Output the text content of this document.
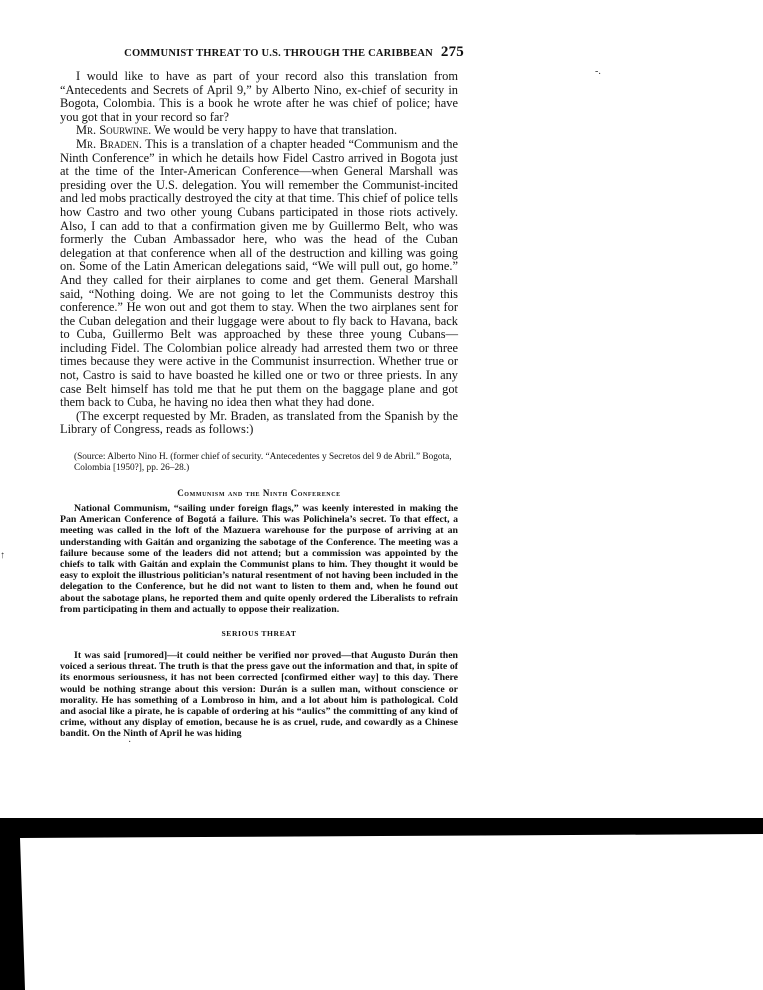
COMMUNIST THREAT TO U.S. THROUGH THE CARIBBEAN 275
-.
↑
·

I would like to have as part of your record also this translation from “Antecedents and Secrets of April 9,” by Alberto Nino, ex-chief of security in Bogota, Colombia. This is a book he wrote after he was chief of police; have you got that in your record so far?

Mr. Sourwine. We would be very happy to have that translation.

Mr. Braden. This is a translation of a chapter headed “Communism and the Ninth Conference” in which he details how Fidel Castro arrived in Bogota just at the time of the Inter-American Conference—when General Marshall was presiding over the U.S. delegation. You will remember the Communist-incited and led mobs practically destroyed the city at that time. This chief of police tells how Castro and two other young Cubans participated in those riots actively. Also, I can add to that a confirmation given me by Guillermo Belt, who was formerly the Cuban Ambassador here, who was the head of the Cuban delegation at that conference when all of the destruction and killing was going on. Some of the Latin American delegations said, “We will pull out, go home.” And they called for their airplanes to come and get them. General Marshall said, “Nothing doing. We are not going to let the Communists destroy this conference.” He won out and got them to stay. When the two airplanes sent for the Cuban delegation and their luggage were about to fly back to Havana, back to Cuba, Guillermo Belt was approached by these three young Cubans—including Fidel. The Colombian police already had arrested them two or three times because they were active in the Communist insurrection. Whether true or not, Castro is said to have boasted he killed one or two or three priests. In any case Belt himself has told me that he put them on the baggage plane and got them back to Cuba, he having no idea then what they had done.

(The excerpt requested by Mr. Braden, as translated from the Spanish by the Library of Congress, reads as follows:)

(Source: Alberto Nino H. (former chief of security. “Antecedentes y Secretos del 9 de Abril.” Bogota, Colombia [1950?], pp. 26–28.)

Communism and the Ninth Conference

National Communism, “sailing under foreign flags,” was keenly interested in making the Pan American Conference of Bogotá a failure. This was Polichinela’s secret. To that effect, a meeting was called in the loft of the Mazuera warehouse for the purpose of arriving at an understanding with Gaitán and organizing the sabotage of the Conference. The meeting was a failure because some of the leaders did not attend; but a commission was appointed by the chiefs to talk with Gaitán and explain the Communist plans to him. They thought it would be easy to exploit the illustrious politician’s natural resentment of not having been included in the delegation to the Conference, but he did not want to listen to them and, when he found out about the sabotage plans, he reported them and quite openly ordered the Liberalists to refrain from participating in them and actually to oppose their realization.

SERIOUS THREAT

It was said [rumored]—it could neither be verified nor proved—that Augusto Durán then voiced a serious threat. The truth is that the press gave out the information and that, in spite of its enormous seriousness, it has not been corrected [confirmed either way] to this day. There would be nothing strange about this version: Durán is a sullen man, without conscience or morality. He has something of a Lombroso in him, and a lot about him is pathological. Cold and asocial like a pirate, he is capable of ordering at his “aulics” the committing of any kind of crime, without any display of emotion, because he is as cruel, rude, and cowardly as a Chinese bandit. On the Ninth of April he was hiding
